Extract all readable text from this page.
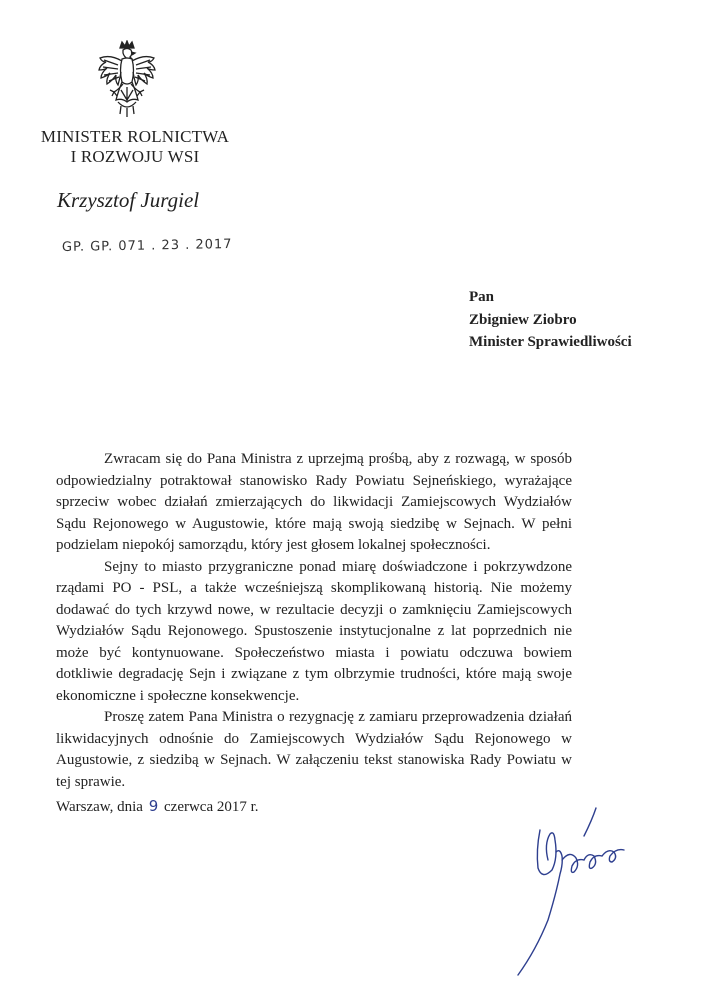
MINISTER ROLNICTWA
I ROZWOJU WSI
Krzysztof Jurgiel
GP. GP. 071 . 23 . 2017
Pan
Zbigniew Ziobro
Minister Sprawiedliwości

Zwracam się do Pana Ministra z uprzejmą prośbą, aby z rozwagą, w sposób odpowiedzialny potraktował stanowisko Rady Powiatu Sejneńskiego, wyrażające sprzeciw wobec działań zmierzających do likwidacji Zamiejscowych Wydziałów Sądu Rejonowego w Augustowie, które mają swoją siedzibę w Sejnach. W pełni podzielam niepokój samorządu, który jest głosem lokalnej społeczności.

Sejny to miasto przygraniczne ponad miarę doświadczone i pokrzywdzone rządami PO - PSL, a także wcześniejszą skomplikowaną historią. Nie możemy dodawać do tych krzywd nowe, w rezultacie decyzji o zamknięciu Zamiejscowych Wydziałów Sądu Rejonowego. Spustoszenie instytucjonalne z lat poprzednich nie może być kontynuowane. Społeczeństwo miasta i powiatu odczuwa bowiem dotkliwie degradację Sejn i związane z tym olbrzymie trudności, które mają swoje ekonomiczne i społeczne konsekwencje.

Proszę zatem Pana Ministra o rezygnację z zamiaru przeprowadzenia działań likwidacyjnych odnośnie do Zamiejscowych Wydziałów Sądu Rejonowego w Augustowie, z siedzibą w Sejnach. W załączeniu tekst stanowiska Rady Powiatu w tej sprawie.

Warszaw, dnia 9 czerwca 2017 r.
